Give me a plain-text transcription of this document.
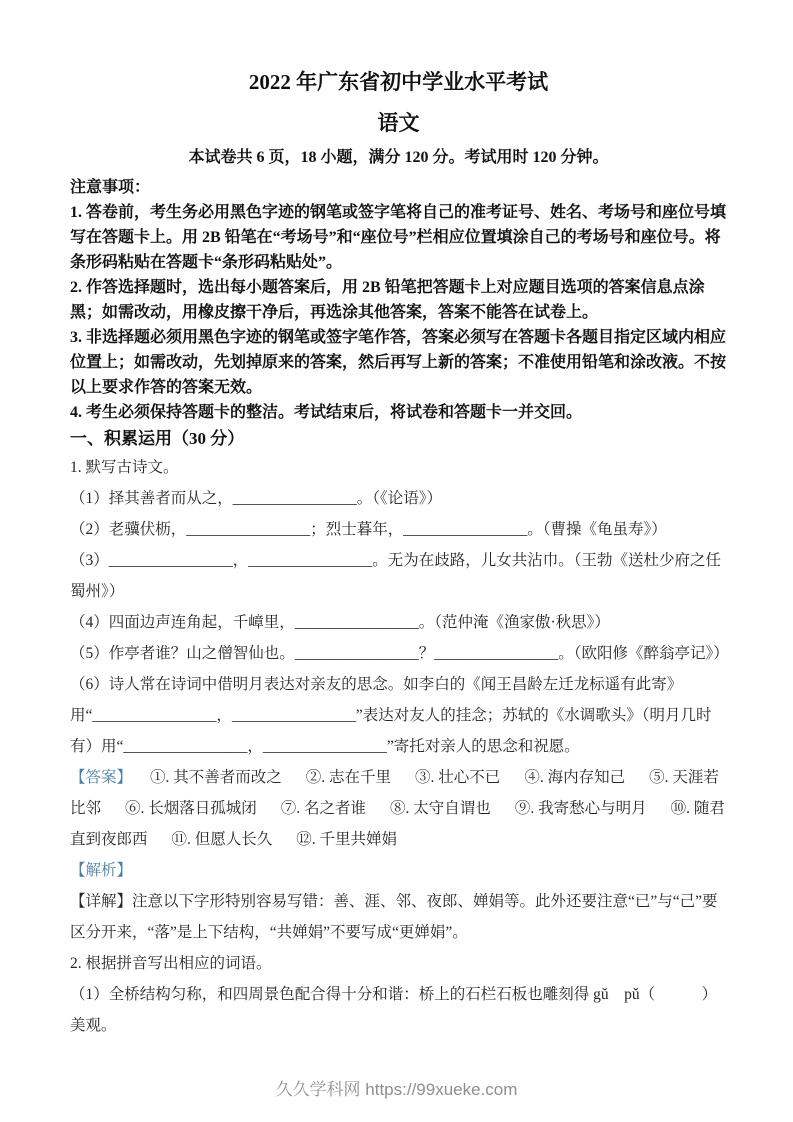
2022 年广东省初中学业水平考试
语文

本试卷共 6 页，18 小题，满分 120 分。考试用时 120 分钟。

注意事项：

1. 答卷前，考生务必用黑色字迹的钢笔或签字笔将自己的准考证号、姓名、考场号和座位号填写在答题卡上。用 2B 铅笔在“考场号”和“座位号”栏相应位置填涂自己的考场号和座位号。将条形码粘贴在答题卡“条形码粘贴处”。

2. 作答选择题时，选出每小题答案后，用 2B 铅笔把答题卡上对应题目选项的答案信息点涂黑；如需改动，用橡皮擦干净后，再选涂其他答案，答案不能答在试卷上。

3. 非选择题必须用黑色字迹的钢笔或签字笔作答，答案必须写在答题卡各题目指定区域内相应位置上；如需改动，先划掉原来的答案，然后再写上新的答案；不准使用铅笔和涂改液。不按以上要求作答的答案无效。

4. 考生必须保持答题卡的整洁。考试结束后，将试卷和答题卡一并交回。

一、积累运用（30 分）

1. 默写古诗文。

（1）择其善者而从之，________________。（《论语》）

（2）老骥伏枥，________________；烈士暮年，________________。（曹操《龟虽寿》）

（3）________________，________________。无为在歧路，儿女共沾巾。（王勃《送杜少府之任蜀州》）

（4）四面边声连角起，千嶂里，________________。（范仲淹《渔家傲·秋思》）

（5）作亭者谁？山之僧智仙也。________________？________________。（欧阳修《醉翁亭记》）

（6）诗人常在诗词中借明月表达对亲友的思念。如李白的《闻王昌龄左迁龙标遥有此寄》用“________________，________________”表达对友人的挂念；苏轼的《水调歌头》（明月几时有）用“________________，________________”寄托对亲人的思念和祝愿。

【答案】 ①. 其不善者而改之 ②. 志在千里 ③. 壮心不已 ④. 海内存知己 ⑤. 天涯若比邻 ⑥. 长烟落日孤城闭 ⑦. 名之者谁 ⑧. 太守自谓也 ⑨. 我寄愁心与明月 ⑩. 随君直到夜郎西 ⑪. 但愿人长久 ⑫. 千里共婵娟

【解析】

【详解】注意以下字形特别容易写错：善、涯、邻、夜郎、婵娟等。此外还要注意“已”与“己”要区分开来，“落”是上下结构，“共婵娟”不要写成“更婵娟”。

2. 根据拼音写出相应的词语。

（1）全桥结构匀称，和四周景色配合得十分和谐：桥上的石栏石板也雕刻得 gǔ　pǔ（　　　）美观。

久久学科网 https://99xueke.com
